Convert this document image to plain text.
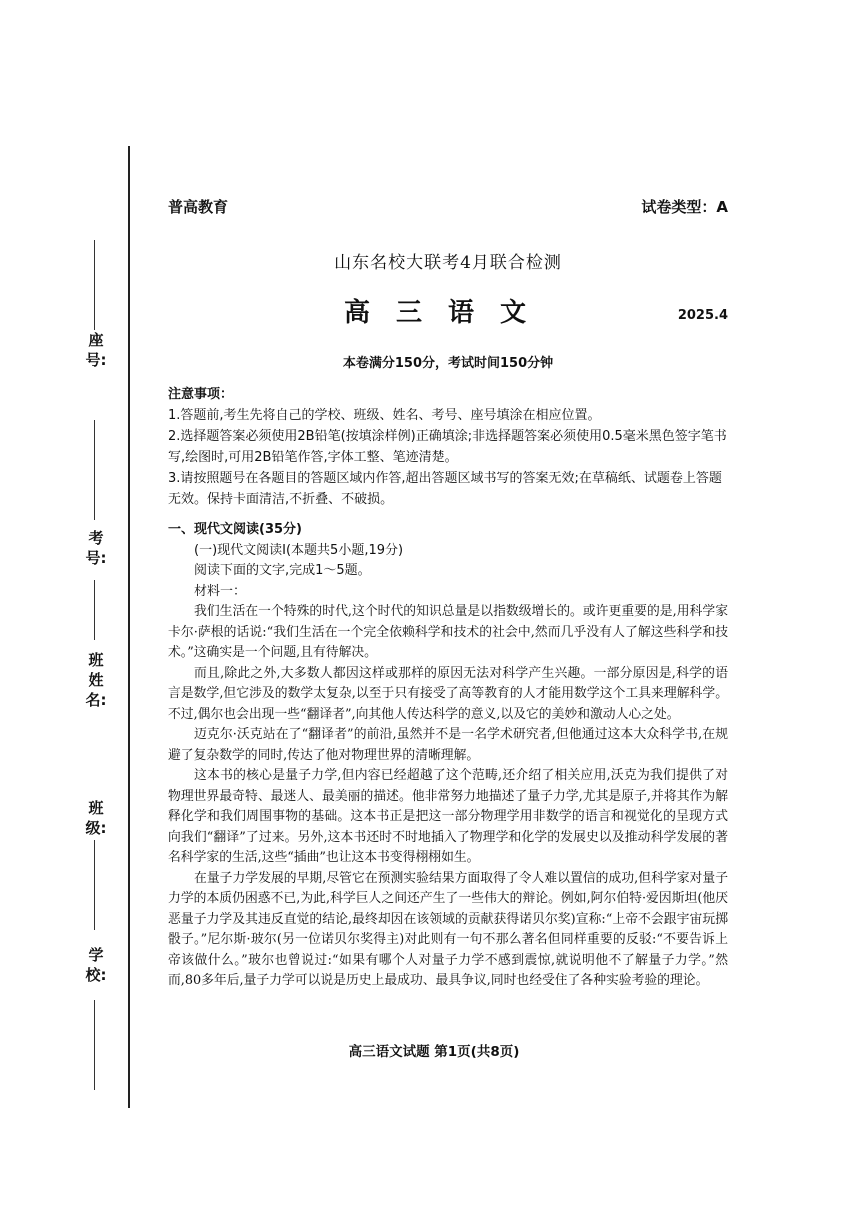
座号:
考号:
班 姓名:
班级:
学校:
普高教育	试卷类型：A
山东名校大联考4月联合检测
高三语文	2025.4
本卷满分150分，考试时间150分钟
注意事项：

1.答题前,考生先将自己的学校、班级、姓名、考号、座号填涂在相应位置。

2.选择题答案必须使用2B铅笔(按填涂样例)正确填涂;非选择题答案必须使用0.5毫米黑色签字笔书写,绘图时,可用2B铅笔作答,字体工整、笔迹清楚。

3.请按照题号在各题目的答题区域内作答,超出答题区域书写的答案无效;在草稿纸、试题卷上答题无效。保持卡面清洁,不折叠、不破损。

一、现代文阅读(35分)
(一)现代文阅读Ⅰ(本题共5小题,19分)
阅读下面的文字,完成1～5题。
材料一：

我们生活在一个特殊的时代,这个时代的知识总量是以指数级增长的。或许更重要的是,用科学家卡尔·萨根的话说:“我们生活在一个完全依赖科学和技术的社会中,然而几乎没有人了解这些科学和技术。”这确实是一个问题,且有待解决。

而且,除此之外,大多数人都因这样或那样的原因无法对科学产生兴趣。一部分原因是,科学的语言是数学,但它涉及的数学太复杂,以至于只有接受了高等教育的人才能用数学这个工具来理解科学。不过,偶尔也会出现一些“翻译者”,向其他人传达科学的意义,以及它的美妙和激动人心之处。

迈克尔·沃克站在了“翻译者”的前沿,虽然并不是一名学术研究者,但他通过这本大众科学书,在规避了复杂数学的同时,传达了他对物理世界的清晰理解。

这本书的核心是量子力学,但内容已经超越了这个范畴,还介绍了相关应用,沃克为我们提供了对物理世界最奇特、最迷人、最美丽的描述。他非常努力地描述了量子力学,尤其是原子,并将其作为解释化学和我们周围事物的基础。这本书正是把这一部分物理学用非数学的语言和视觉化的呈现方式向我们“翻译”了过来。另外,这本书还时不时地插入了物理学和化学的发展史以及推动科学发展的著名科学家的生活,这些“插曲”也让这本书变得栩栩如生。

在量子力学发展的早期,尽管它在预测实验结果方面取得了令人难以置信的成功,但科学家对量子力学的本质仍困惑不已,为此,科学巨人之间还产生了一些伟大的辩论。例如,阿尔伯特·爱因斯坦(他厌恶量子力学及其违反直觉的结论,最终却因在该领域的贡献获得诺贝尔奖)宣称:“上帝不会跟宇宙玩掷骰子。”尼尔斯·玻尔(另一位诺贝尔奖得主)对此则有一句不那么著名但同样重要的反驳:“不要告诉上帝该做什么。”玻尔也曾说过:“如果有哪个人对量子力学不感到震惊,就说明他不了解量子力学。”然而,80多年后,量子力学可以说是历史上最成功、最具争议,同时也经受住了各种实验考验的理论。

高三语文试题 第1页(共8页)
